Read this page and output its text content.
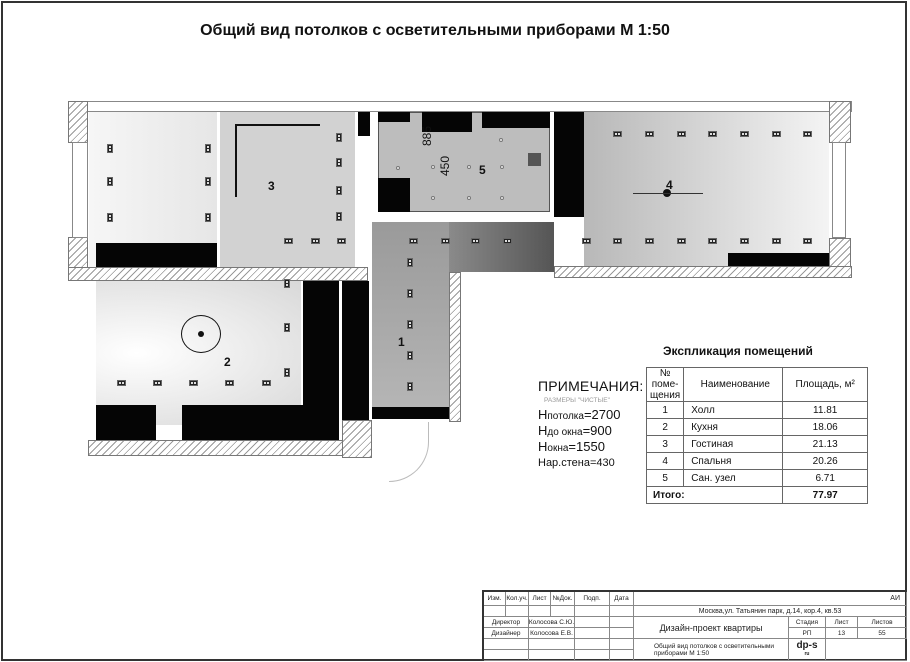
Общий вид потолков с осветительными приборами М 1:50
3
2
1
5
4
885
450
ПРИМЕЧАНИЯ:
РАЗМЕРЫ "ЧИСТЫЕ"
Hпотолка=2700
Hдо окна=900
Hокна=1550
Нар.стена=430
Экспликация помещений
№ поме-щения	Наименование	Площадь, м²
1	Холл	11.81
2	Кухня	18.06
3	Гостиная	21.13
4	Спальня	20.26
5	Сан. узел	6.71
Итого:		77.97
Изм. Кол.уч. Лист №Док.	Подп.	Дата	АИ
Москва,ул. Татьянин парк, д.14, кор.4, кв.53
Директор	Колосова С.Ю.
Дизайнер	Колосова Е.В.
Дизайн-проект квартиры
Стадия	Лист	Листов
РП	13	55
Общий вид потолков с осветительными приборами М 1:50
dp-s
ru
